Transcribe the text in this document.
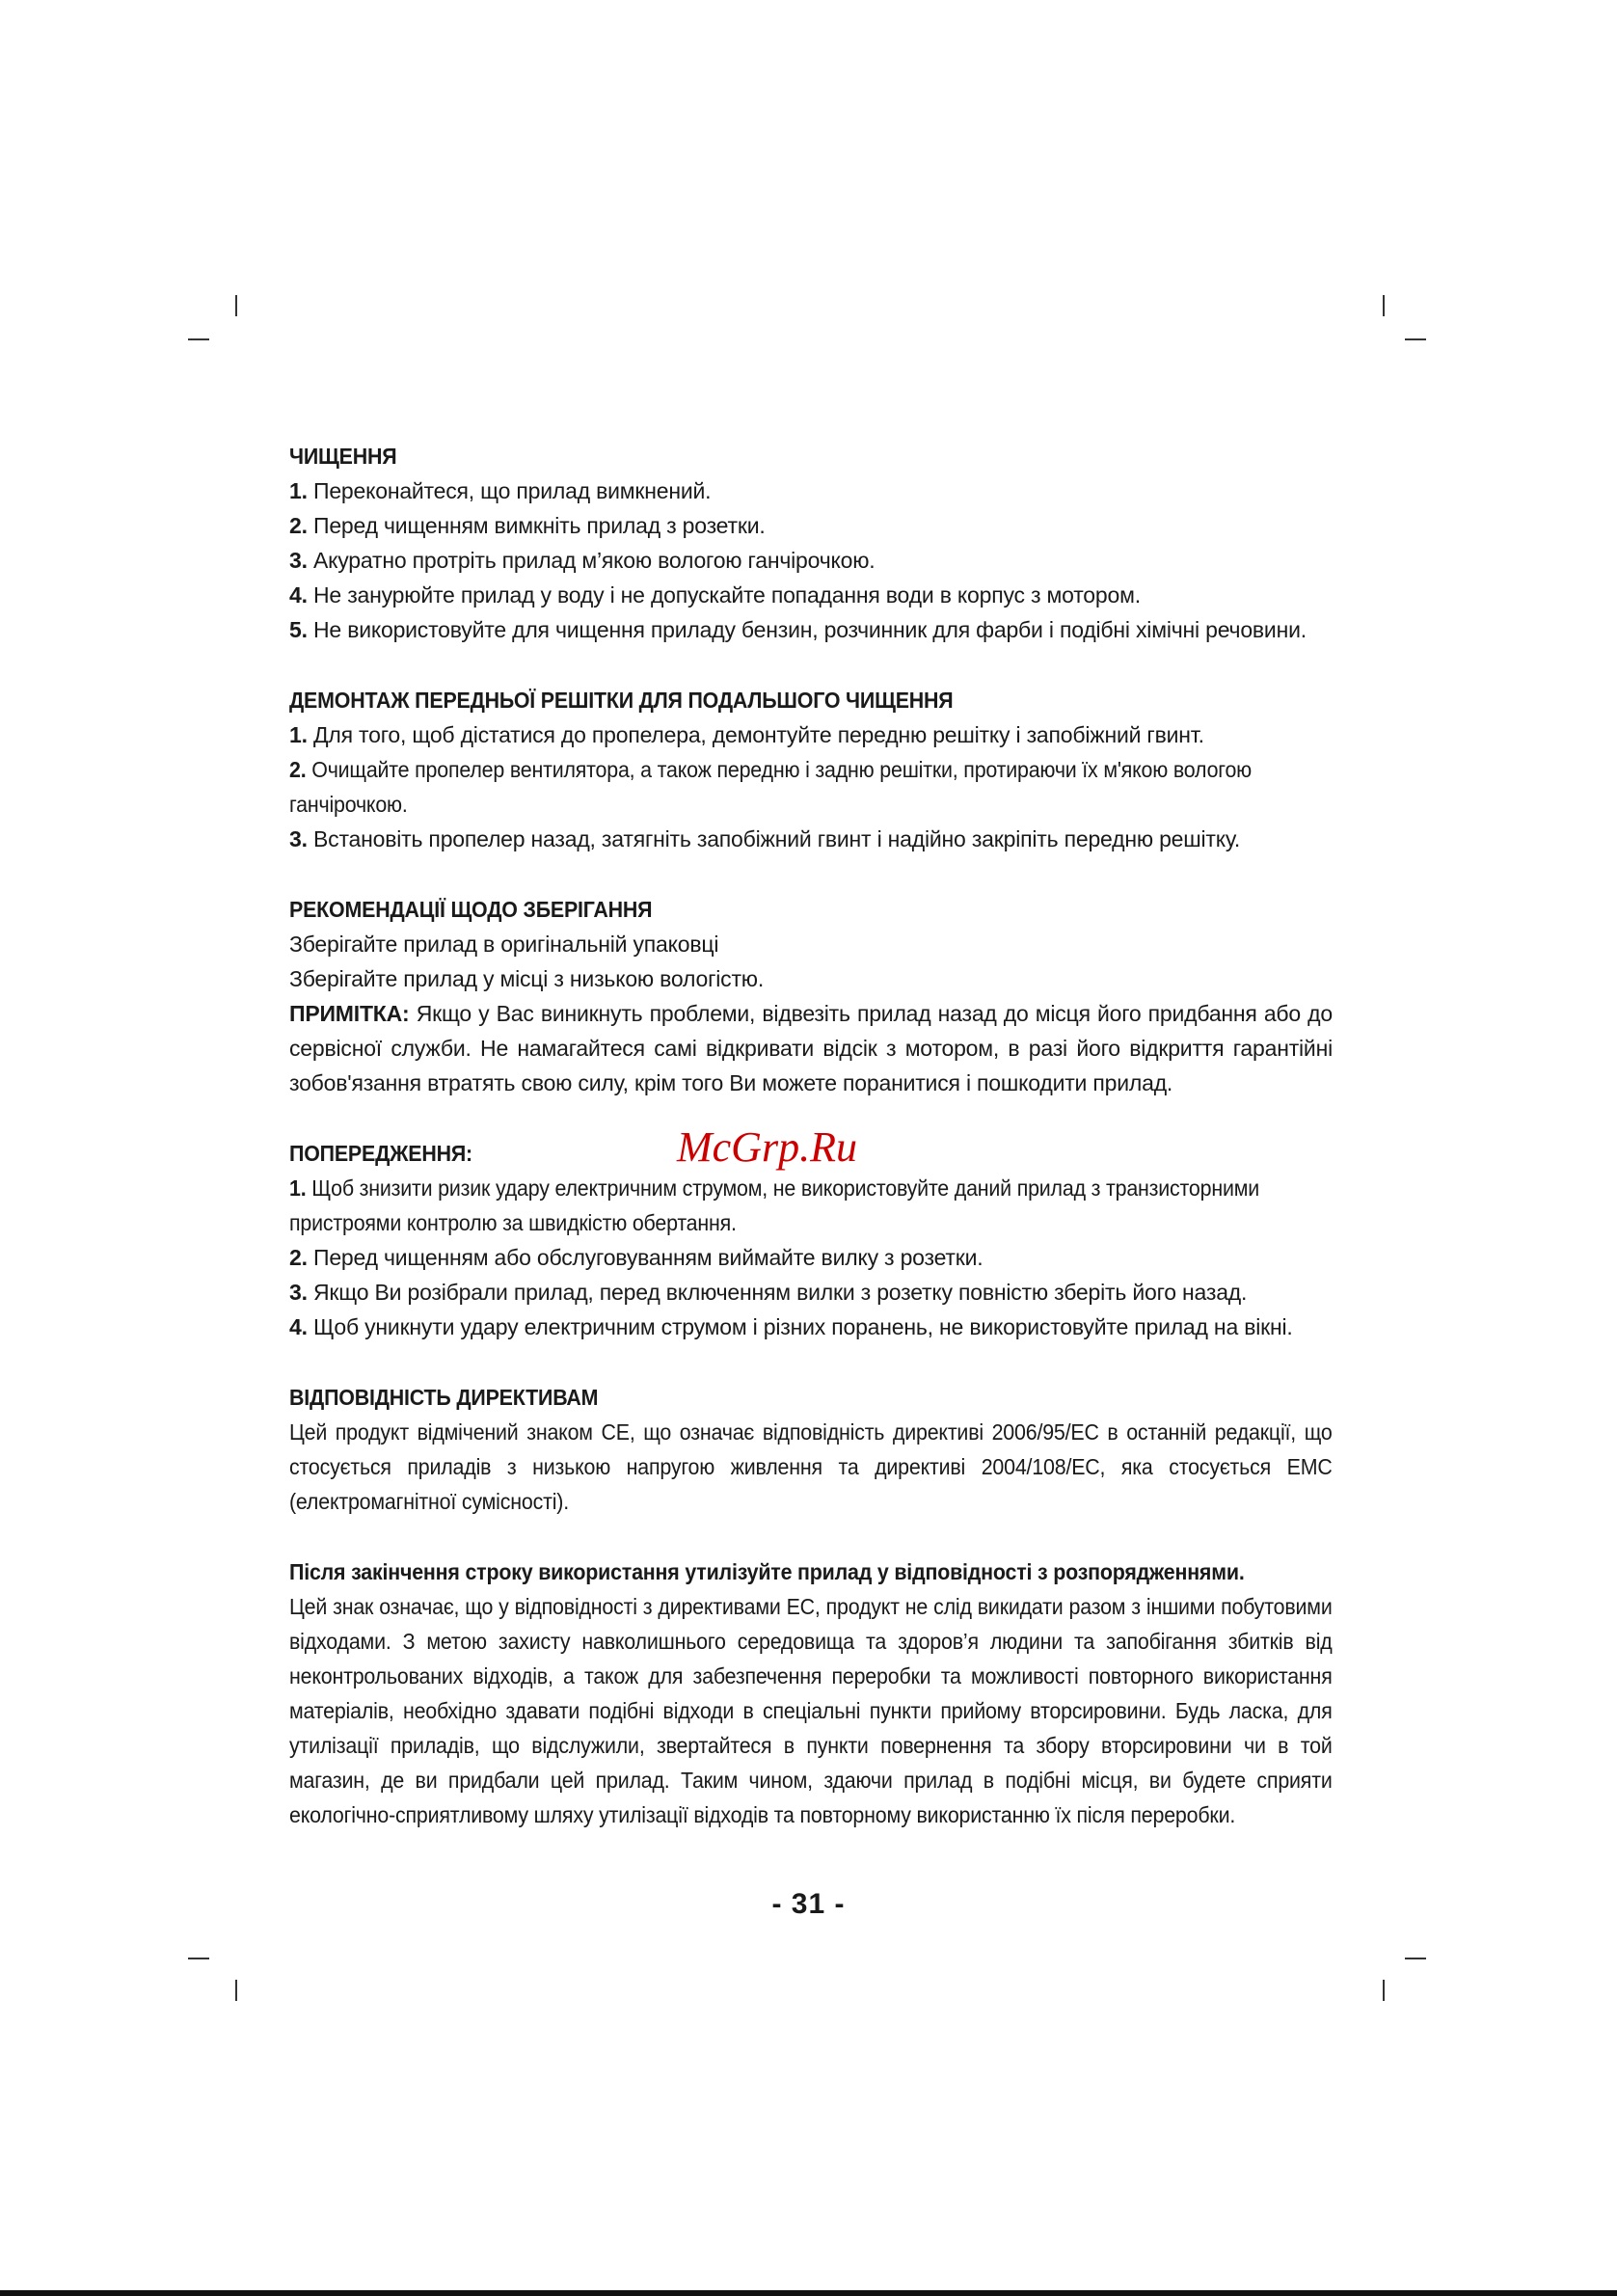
ЧИЩЕННЯ

1. Переконайтеся, що прилад вимкнений.

2. Перед чищенням вимкніть прилад з розетки.

3. Акуратно протріть прилад м’якою вологою ганчірочкою.

4. Не занурюйте прилад у воду і не допускайте попадання води в корпус з мотором.

5. Не використовуйте для чищення приладу бензин, розчинник для фарби і подібні хімічні речовини.

ДЕМОНТАЖ ПЕРЕДНЬОЇ РЕШІТКИ ДЛЯ ПОДАЛЬШОГО ЧИЩЕННЯ

1. Для того, щоб дістатися до пропелера, демонтуйте передню решітку і запобіжний гвинт.

2. Очищайте пропелер вентилятора, а також передню і задню решітки, протираючи їх м'якою вологою ганчірочкою.

3. Встановіть пропелер назад, затягніть запобіжний гвинт і надійно закріпіть передню решітку.

РЕКОМЕНДАЦІЇ ЩОДО ЗБЕРІГАННЯ

Зберігайте прилад в оригінальній упаковці

Зберігайте прилад у місці з низькою вологістю.

ПРИМІТКА: Якщо у Вас виникнуть проблеми, відвезіть прилад назад до місця його придбання або до сервісної служби. Не намагайтеся самі відкривати відсік з мотором, в разі його відкриття гарантійні зобов'язання втратять свою силу, крім того Ви можете поранитися і пошкодити прилад.

ПОПЕРЕДЖЕННЯ:	McGrp.Ru

1. Щоб знизити ризик удару електричним струмом, не використовуйте даний прилад з транзисторними пристроями контролю за швидкістю обертання.

2. Перед чищенням або обслуговуванням виймайте вилку з розетки.

3. Якщо Ви розібрали прилад, перед включенням вилки з розетку повністю зберіть його назад.

4. Щоб уникнути удару електричним струмом і різних поранень, не використовуйте прилад на вікні.

ВІДПОВІДНІСТЬ ДИРЕКТИВАМ

Цей продукт відмічений знаком CE, що означає відповідність директиві 2006/95/ЕС в останній редакції, що стосується приладів з низькою напругою живлення та директиві 2004/108/EC, яка стосується EMC (електромагнітної сумісності).

Після закінчення строку використання утилізуйте прилад у відповідності з розпорядженнями.

Цей знак означає, що у відповідності з директивами ЕС, продукт не слід викидати разом з іншими побутовими відходами. З метою захисту навколишнього середовища та здоров’я людини та запобігання збитків від неконтрольованих відходів, а також для забезпечення переробки та можливості повторного використання матеріалів, необхідно здавати подібні відходи в спеціальні пункти прийому вторсировини. Будь ласка, для утилізації приладів, що відслужили, звертайтеся в пункти повернення та збору вторсировини чи в той магазин, де ви придбали цей прилад. Таким чином, здаючи прилад в подібні місця, ви будете сприяти екологічно-сприятливому шляху утилізації відходів та повторному використанню їх після переробки.

- 31 -
